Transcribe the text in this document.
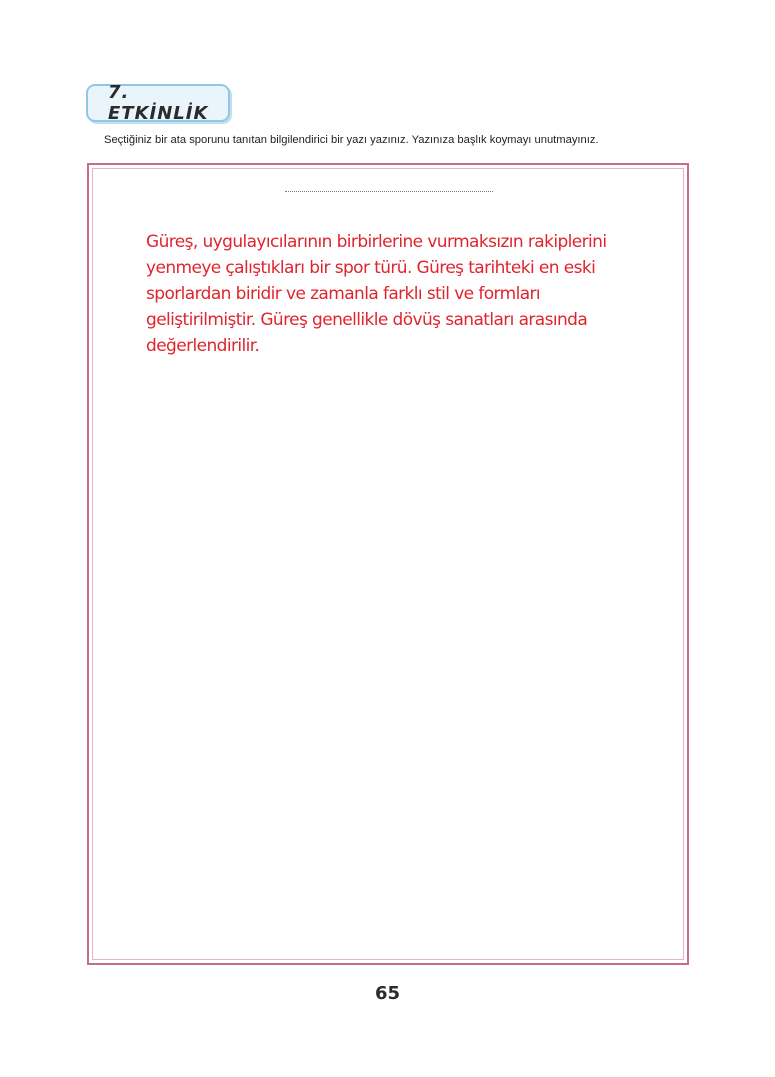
7. ETKİNLİK
Seçtiğiniz bir ata sporunu tanıtan bilgilendirici bir yazı yazınız. Yazınıza başlık koymayı unutmayınız.

Güreş, uygulayıcılarının birbirlerine vurmaksızın rakiplerini yenmeye çalıştıkları bir spor türü. Güreş tarihteki en eski sporlardan biridir ve zamanla farklı stil ve formları geliştirilmiştir. Güreş genellikle dövüş sanatları arasında değerlendirilir.

65
